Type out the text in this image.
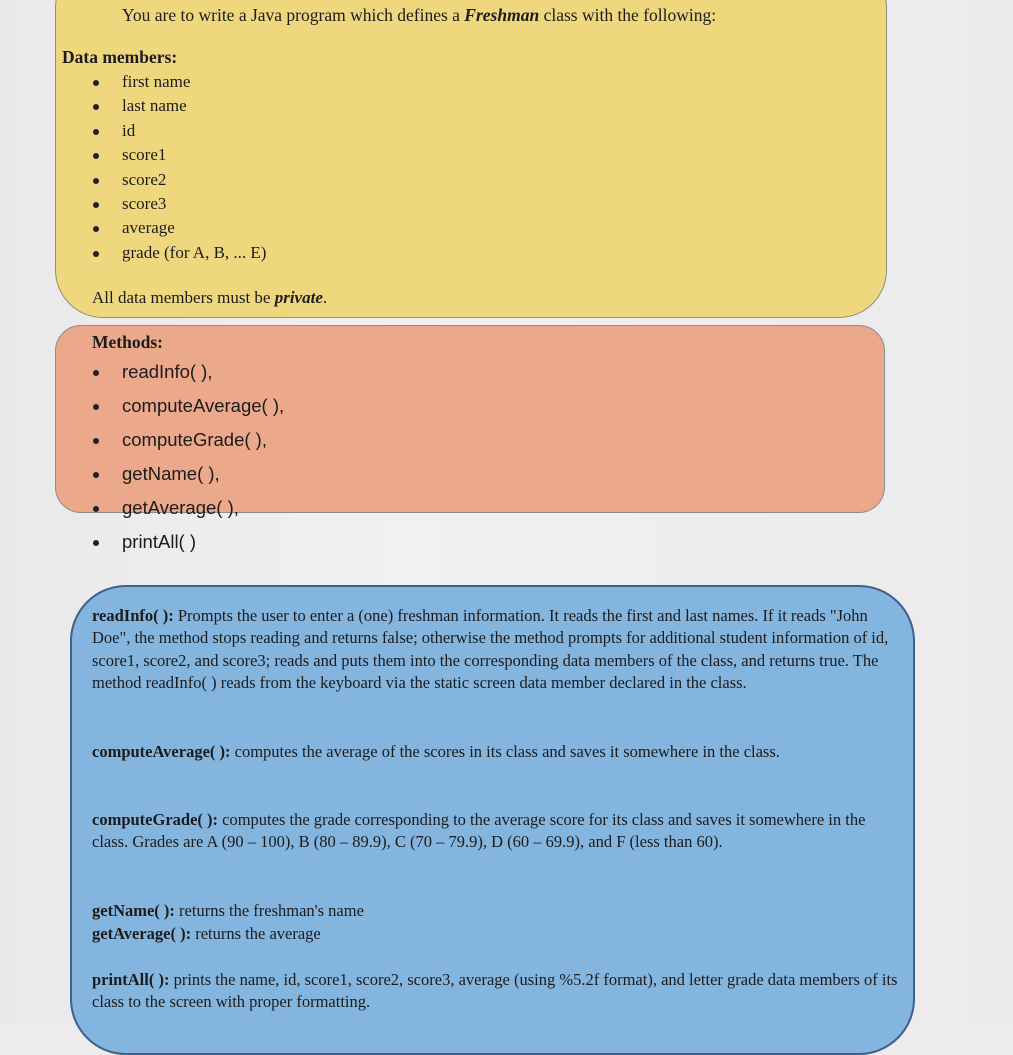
You are to write a Java program which defines a Freshman class with the following:
Data members:
first name
last name
id
score1
score2
score3
average
grade (for A, B, ... E)
All data members must be private.
Methods:
readInfo( ),
computeAverage( ),
computeGrade( ),
getName( ),
getAverage( ),
printAll( )

readInfo( ): Prompts the user to enter a (one) freshman information. It reads the first and last names. If it reads "John Doe", the method stops reading and returns false; otherwise the method prompts for additional student information of id, score1, score2, and score3; reads and puts them into the corresponding data members of the class, and returns true. The method readInfo( ) reads from the keyboard via the static screen data member declared in the class.

computeAverage( ): computes the average of the scores in its class and saves it somewhere in the class.

computeGrade( ): computes the grade corresponding to the average score for its class and saves it somewhere in the class. Grades are A (90 – 100), B (80 – 89.9), C (70 – 79.9), D (60 – 69.9), and F (less than 60).

getName( ): returns the freshman's name

getAverage( ): returns the average

printAll( ): prints the name, id, score1, score2, score3, average (using %5.2f format), and letter grade data members of its class to the screen with proper formatting.
